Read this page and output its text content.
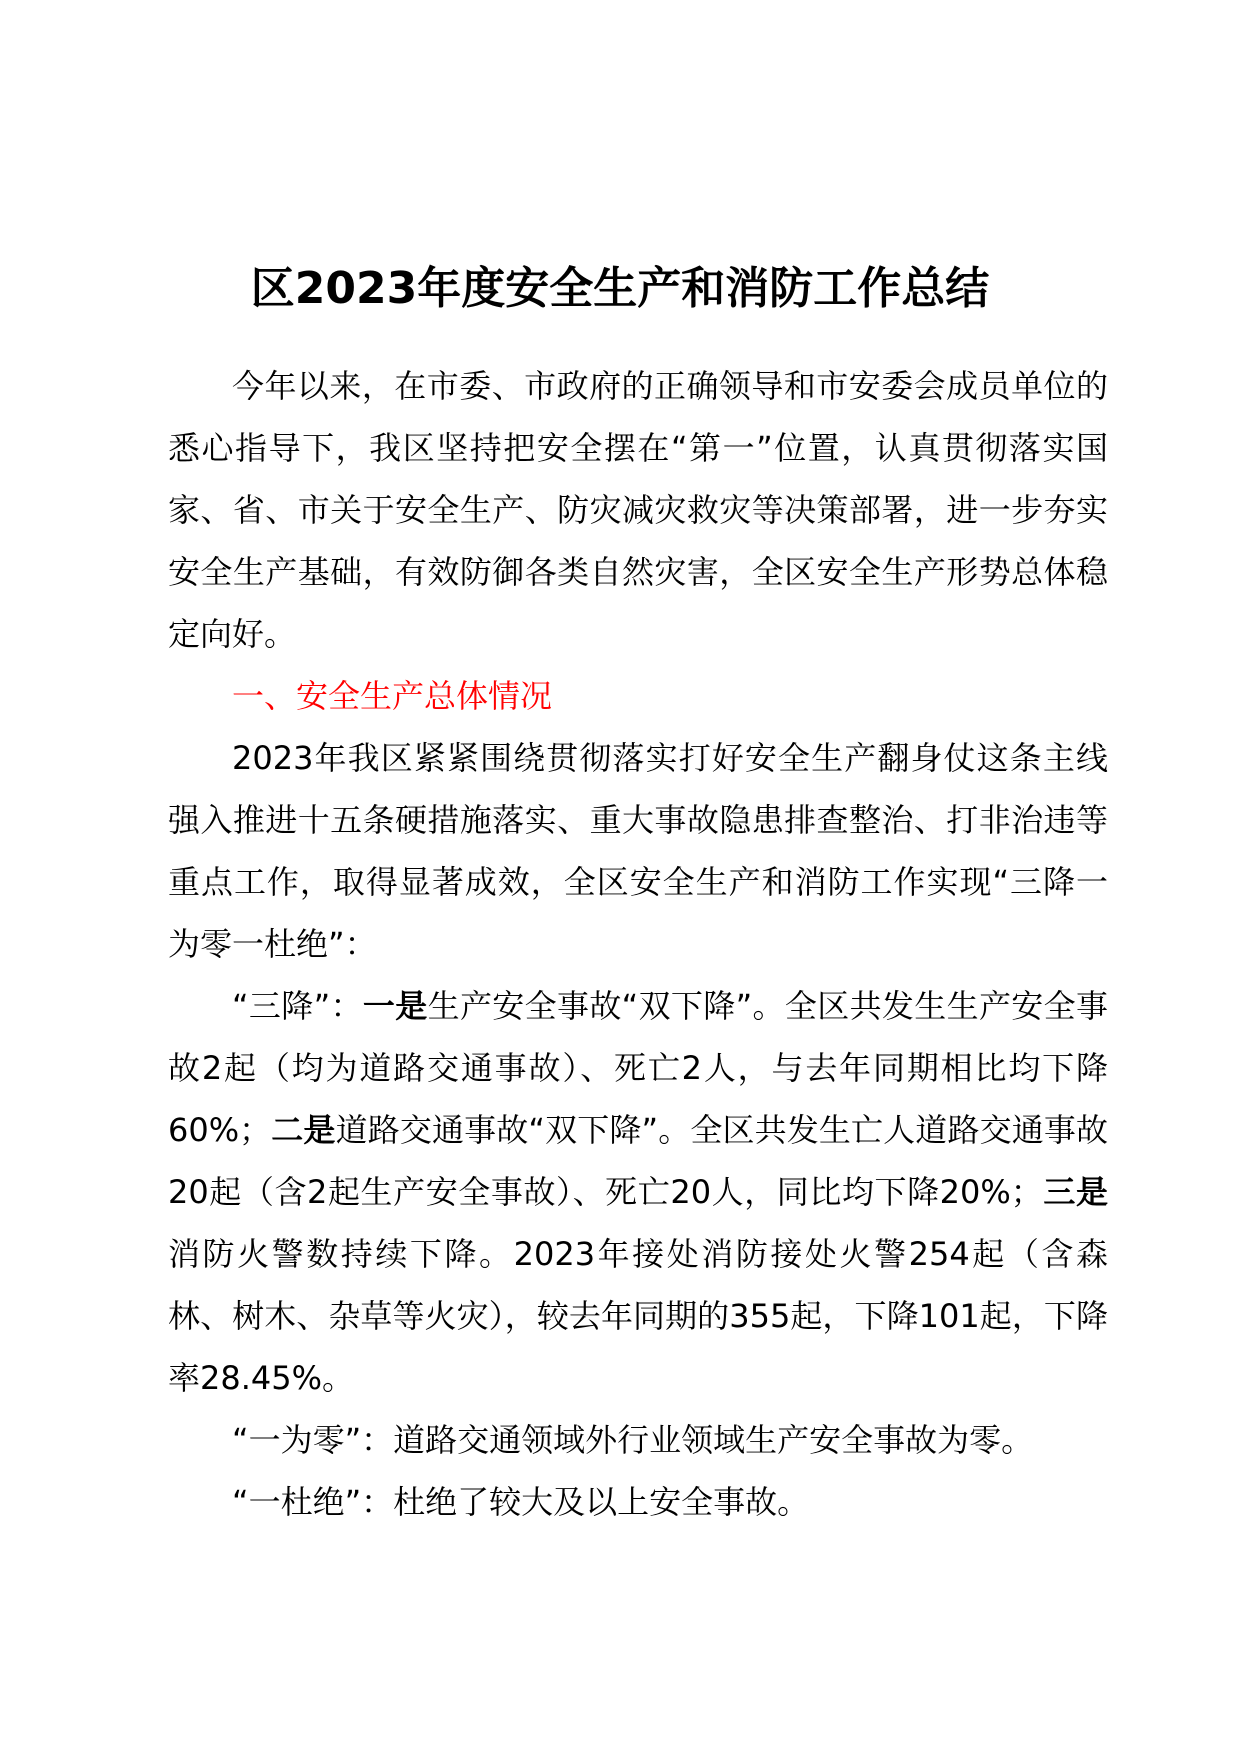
区2023年度安全生产和消防工作总结

今年以来，在市委、市政府的正确领导和市安委会成员单位的悉心指导下，我区坚持把安全摆在“第一”位置，认真贯彻落实国家、省、市关于安全生产、防灾减灾救灾等决策部署，进一步夯实安全生产基础，有效防御各类自然灾害，全区安全生产形势总体稳定向好。

一、安全生产总体情况

2023年我区紧紧围绕贯彻落实打好安全生产翻身仗这条主线强入推进十五条硬措施落实、重大事故隐患排查整治、打非治违等重点工作，取得显著成效，全区安全生产和消防工作实现“三降一为零一杜绝”：

“三降”：一是生产安全事故“双下降”。全区共发生生产安全事故2起（均为道路交通事故）、死亡2人，与去年同期相比均下降60%；二是道路交通事故“双下降”。全区共发生亡人道路交通事故20起（含2起生产安全事故）、死亡20人，同比均下降20%；三是消防火警数持续下降。2023年接处消防接处火警254起（含森林、树木、杂草等火灾），较去年同期的355起，下降101起，下降率28.45%。

“一为零”：道路交通领域外行业领域生产安全事故为零。

“一杜绝”：杜绝了较大及以上安全事故。
